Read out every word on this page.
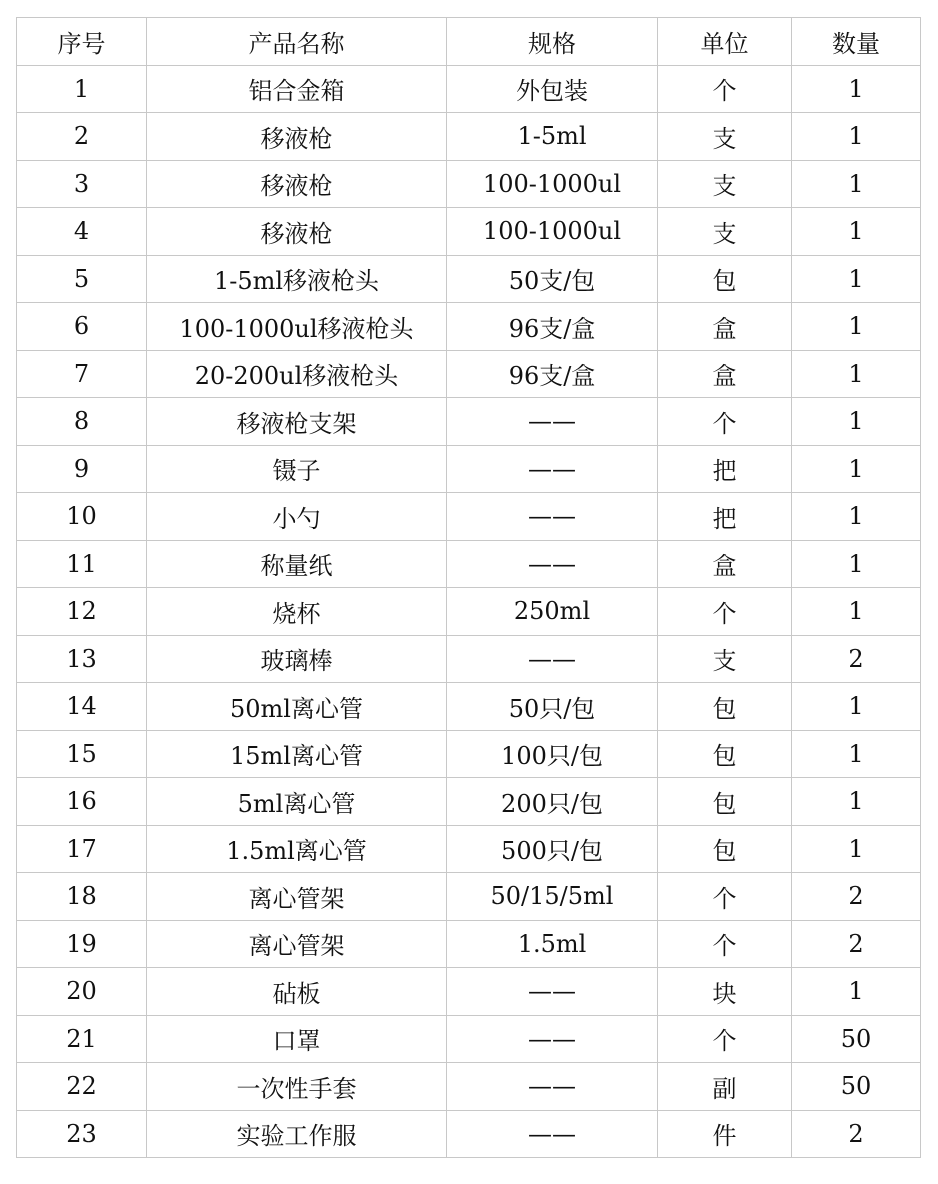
序号	产品名称	规格	单位	数量
1	铝合金箱	外包装	个	1
2	移液枪	1-5ml	支	1
3	移液枪	100-1000ul	支	1
4	移液枪	100-1000ul	支	1
5	1-5ml移液枪头	50支/包	包	1
6	100-1000ul移液枪头	96支/盒	盒	1
7	20-200ul移液枪头	96支/盒	盒	1
8	移液枪支架	——	个	1
9	镊子	——	把	1
10	小勺	——	把	1
11	称量纸	——	盒	1
12	烧杯	250ml	个	1
13	玻璃棒	——	支	2
14	50ml离心管	50只/包	包	1
15	15ml离心管	100只/包	包	1
16	5ml离心管	200只/包	包	1
17	1.5ml离心管	500只/包	包	1
18	离心管架	50/15/5ml	个	2
19	离心管架	1.5ml	个	2
20	砧板	——	块	1
21	口罩	——	个	50
22	一次性手套	——	副	50
23	实验工作服	——	件	2
